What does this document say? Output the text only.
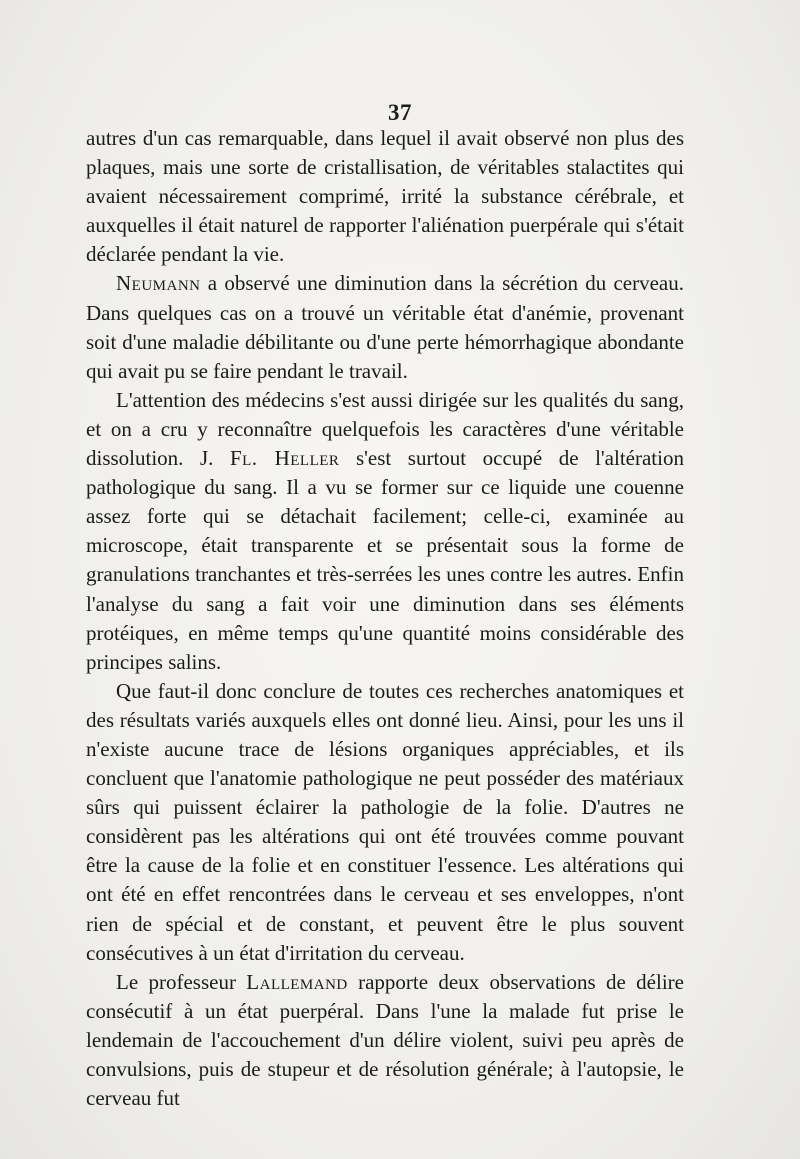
37

autres d'un cas remarquable, dans lequel il avait observé non plus des plaques, mais une sorte de cristallisation, de véritables stalactites qui avaient nécessairement comprimé, irrité la substance cérébrale, et auxquelles il était naturel de rapporter l'aliénation puerpérale qui s'était déclarée pendant la vie.

Neumann a observé une diminution dans la sécrétion du cerveau. Dans quelques cas on a trouvé un véritable état d'anémie, provenant soit d'une maladie débilitante ou d'une perte hémorrhagique abondante qui avait pu se faire pendant le travail.

L'attention des médecins s'est aussi dirigée sur les qualités du sang, et on a cru y reconnaître quelquefois les caractères d'une véritable dissolution. J. Fl. Heller s'est surtout occupé de l'altération pathologique du sang. Il a vu se former sur ce liquide une couenne assez forte qui se détachait facilement; celle-ci, examinée au microscope, était transparente et se présentait sous la forme de granulations tranchantes et très-serrées les unes contre les autres. Enfin l'analyse du sang a fait voir une diminution dans ses éléments protéiques, en même temps qu'une quantité moins considérable des principes salins.

Que faut-il donc conclure de toutes ces recherches anatomiques et des résultats variés auxquels elles ont donné lieu. Ainsi, pour les uns il n'existe aucune trace de lésions organiques appréciables, et ils concluent que l'anatomie pathologique ne peut posséder des matériaux sûrs qui puissent éclairer la pathologie de la folie. D'autres ne considèrent pas les altérations qui ont été trouvées comme pouvant être la cause de la folie et en constituer l'essence. Les altérations qui ont été en effet rencontrées dans le cerveau et ses enveloppes, n'ont rien de spécial et de constant, et peuvent être le plus souvent consécutives à un état d'irritation du cerveau.

Le professeur Lallemand rapporte deux observations de délire consécutif à un état puerpéral. Dans l'une la malade fut prise le lendemain de l'accouchement d'un délire violent, suivi peu après de convulsions, puis de stupeur et de résolution générale; à l'autopsie, le cerveau fut
